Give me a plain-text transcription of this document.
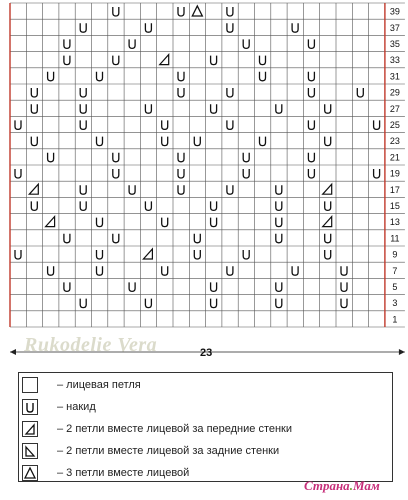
39
37
35
33
31
29
27
25
23
21
19
17
15
13
11
9
7
5
3
1
23
Rukodelie Vera
– лицевая петля
– накид
– 2 петли вместе лицевой за передние стенки
– 2 петли вместе лицевой за задние стенки
– 3 петли вместе лицевой
Страна.Мам
